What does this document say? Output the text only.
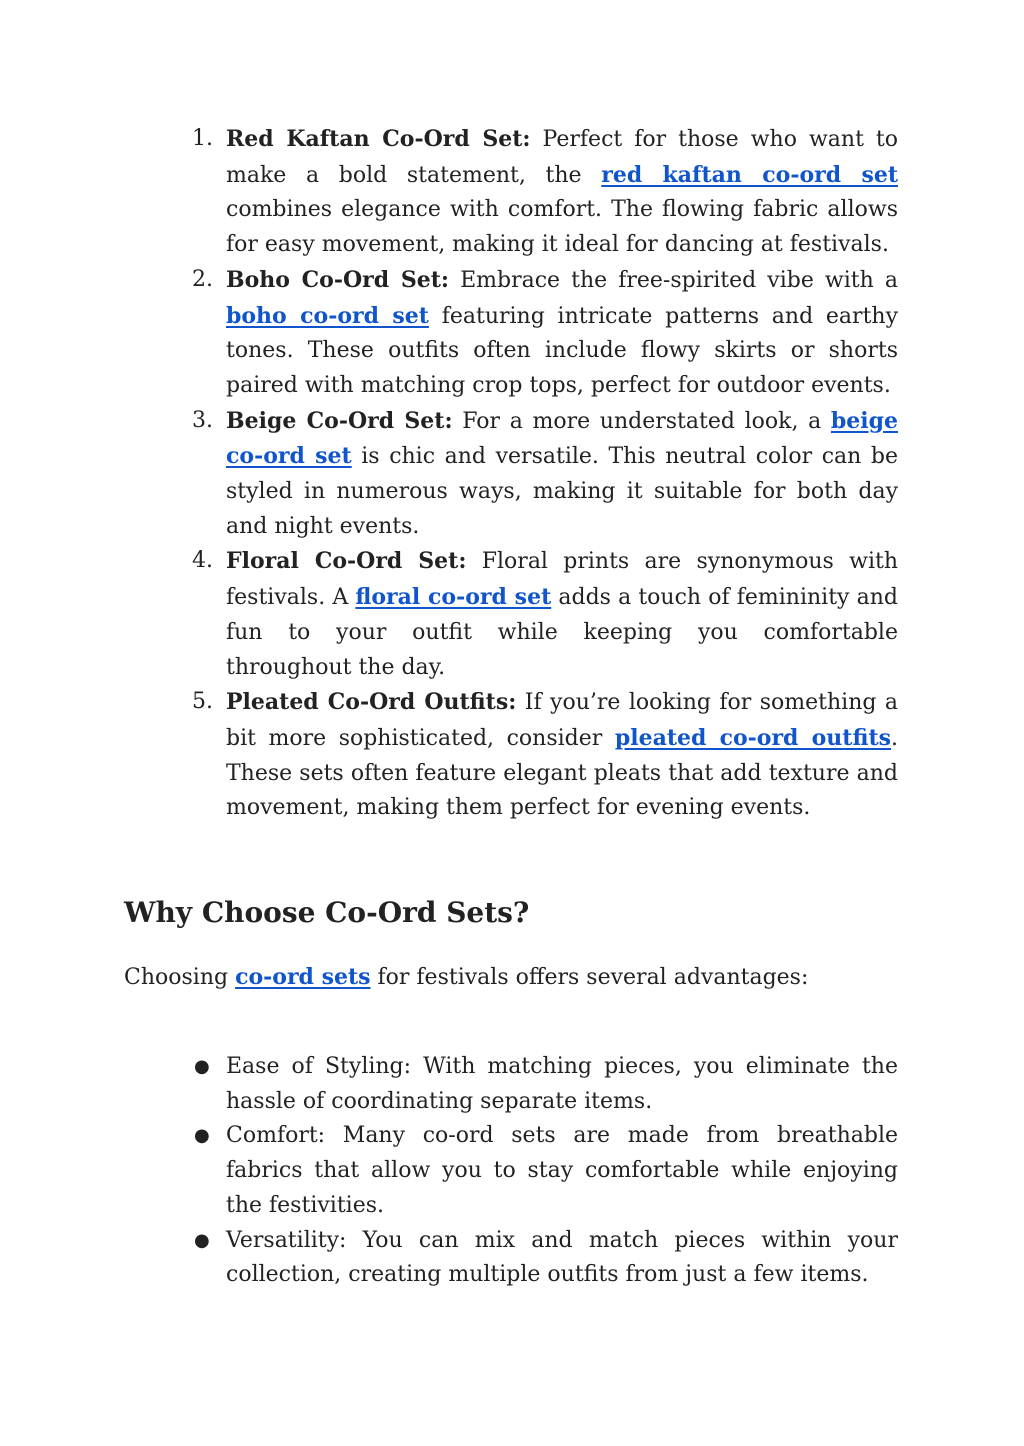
1. Red Kaftan Co-Ord Set: Perfect for those who want to make a bold statement, the red kaftan co-ord set combines elegance with comfort. The flowing fabric allows for easy movement, making it ideal for dancing at festivals.
2. Boho Co-Ord Set: Embrace the free-spirited vibe with a boho co-ord set featuring intricate patterns and earthy tones. These outfits often include flowy skirts or shorts paired with matching crop tops, perfect for outdoor events.
3. Beige Co-Ord Set: For a more understated look, a beige co-ord set is chic and versatile. This neutral color can be styled in numerous ways, making it suitable for both day and night events.
4. Floral Co-Ord Set: Floral prints are synonymous with festivals. A floral co-ord set adds a touch of femininity and fun to your outfit while keeping you comfortable throughout the day.
5. Pleated Co-Ord Outfits: If you’re looking for something a bit more sophisticated, consider pleated co-ord outfits. These sets often feature elegant pleats that add texture and movement, making them perfect for evening events.
Why Choose Co-Ord Sets?

Choosing co-ord sets for festivals offers several advantages:

● Ease of Styling: With matching pieces, you eliminate the hassle of coordinating separate items.
● Comfort: Many co-ord sets are made from breathable fabrics that allow you to stay comfortable while enjoying the festivities.
● Versatility: You can mix and match pieces within your collection, creating multiple outfits from just a few items.
